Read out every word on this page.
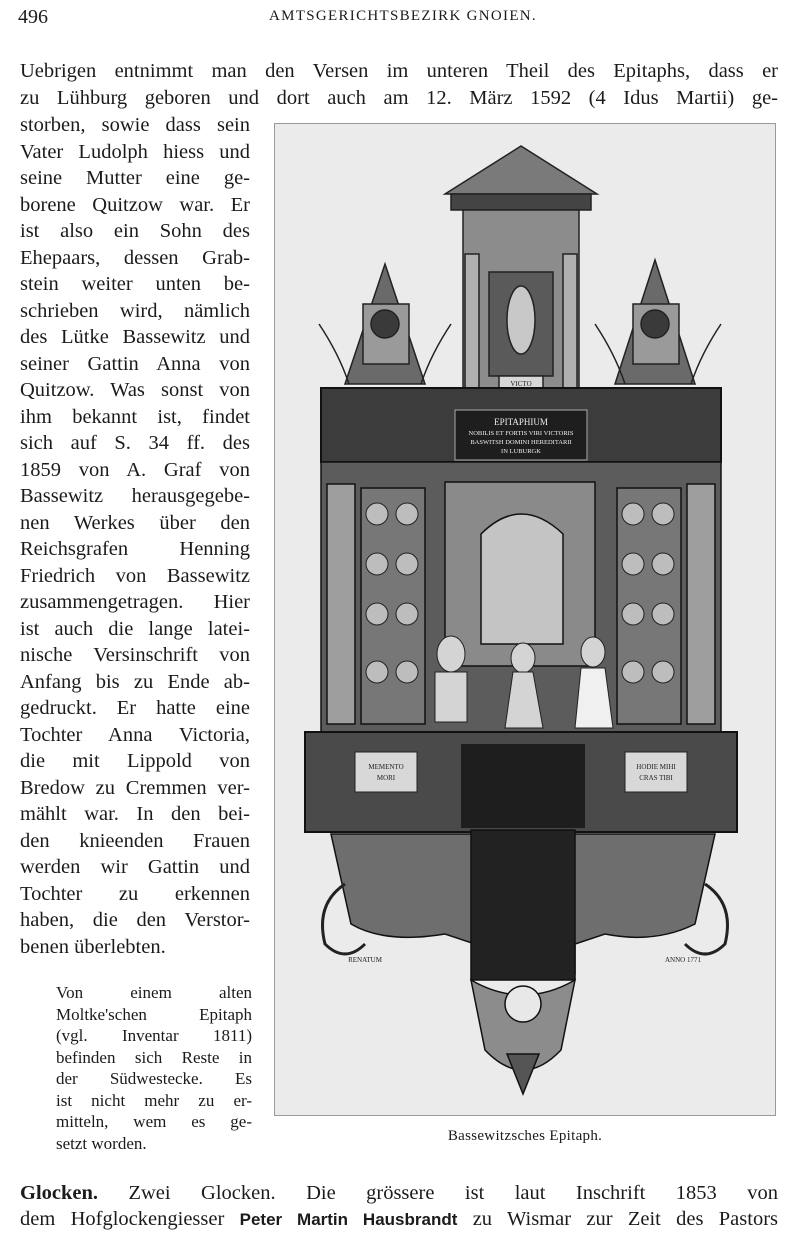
496	AMTSGERICHTSBEZIRK GNOIEN.
Uebrigen entnimmt man den Versen im unteren Theil des Epitaphs, dass er
zu Lühburg geboren und dort auch am 12. März 1592 (4 Idus Martii) ge-
storben, sowie dass sein
Vater Ludolph hiess und
seine Mutter eine ge-
borene Quitzow war. Er
ist also ein Sohn des
Ehepaars, dessen Grab-
stein weiter unten be-
schrieben wird, nämlich
des Lütke Bassewitz und
seiner Gattin Anna von
Quitzow. Was sonst von
ihm bekannt ist, findet
sich auf S. 34 ff. des
1859 von A. Graf von
Bassewitz herausgegebe-
nen Werkes über den
Reichsgrafen Henning
Friedrich von Bassewitz
zusammengetragen. Hier
ist auch die lange latei-
nische Versinschrift von
Anfang bis zu Ende ab-
gedruckt. Er hatte eine
Tochter Anna Victoria,
die mit Lippold von
Bredow zu Cremmen ver-
mählt war. In den bei-
den knieenden Frauen
werden wir Gattin und
Tochter zu erkennen
haben, die den Verstor-
benen überlebten.
Von einem alten
Moltke'schen Epitaph
(vgl. Inventar 1811)
befinden sich Reste in
der Südwestecke. Es
ist nicht mehr zu er-
mitteln, wem es ge-
setzt worden.
VICTO
EPITAPHIUM
NOBILIS ET FORTIS VIRI VICTORIS
BASWITSH DOMINI HEREDITARII
IN LUBURGK
MEMENTO
MORI
HODIE MIHI
CRAS TIBI
RENATUM	ANNO 1771
Bassewitzsches Epitaph.
Glocken. Zwei Glocken. Die grössere ist laut Inschrift 1853 von
dem Hofglockengiesser Peter Martin Hausbrandt zu Wismar zur Zeit des Pastors
